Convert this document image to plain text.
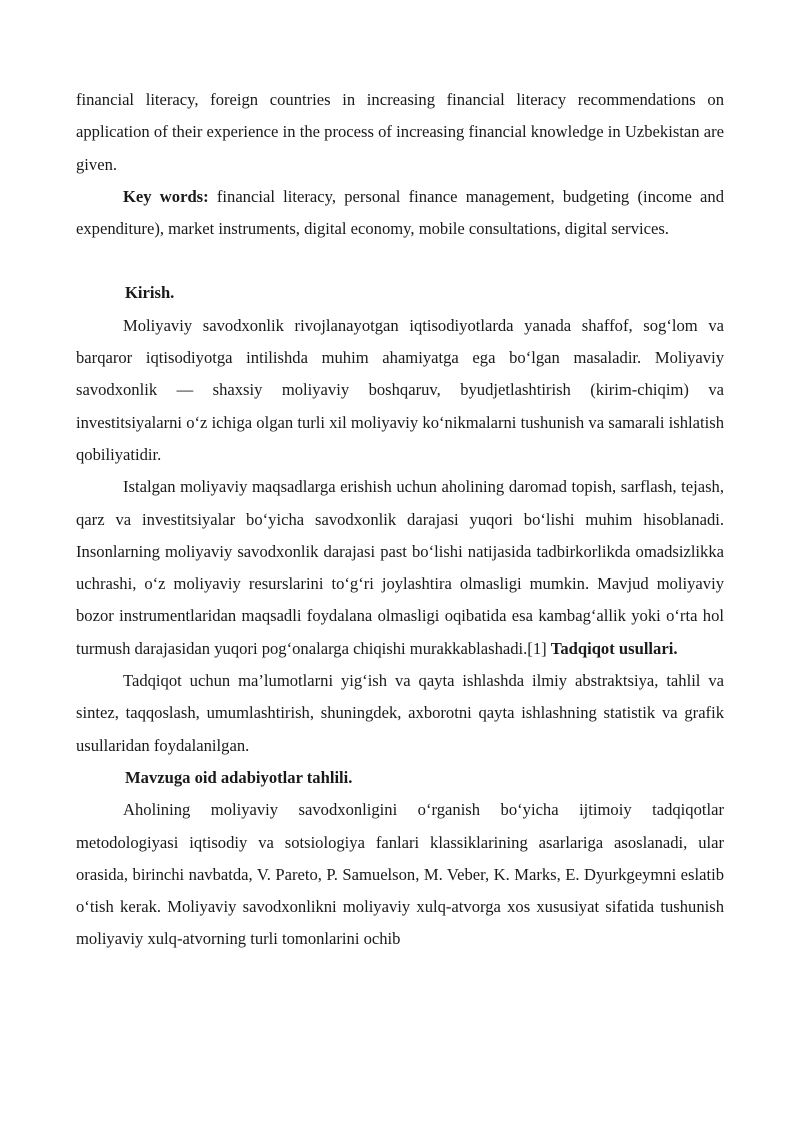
financial literacy, foreign countries in increasing financial literacy recommendations on application of their experience in the process of increasing financial knowledge in Uzbekistan are given.

Key words: financial literacy, personal finance management, budgeting (income and expenditure), market instruments, digital economy, mobile consultations, digital services.

Kirish.

Moliyaviy savodxonlik rivojlanayotgan iqtisodiyotlarda yanada shaffof, sog‘lom va barqaror iqtisodiyotga intilishda muhim ahamiyatga ega bo‘lgan masaladir. Moliyaviy savodxonlik — shaxsiy moliyaviy boshqaruv, byudjetlashtirish (kirim-chiqim) va investitsiyalarni o‘z ichiga olgan turli xil moliyaviy ko‘nikmalarni tushunish va samarali ishlatish qobiliyatidir.

Istalgan moliyaviy maqsadlarga erishish uchun aholining daromad topish, sarflash, tejash, qarz va investitsiyalar bo‘yicha savodxonlik darajasi yuqori bo‘lishi muhim hisoblanadi. Insonlarning moliyaviy savodxonlik darajasi past bo‘lishi natijasida tadbirkorlikda omadsizlikka uchrashi, o‘z moliyaviy resurslarini to‘g‘ri joylashtira olmasligi mumkin. Mavjud moliyaviy bozor instrumentlaridan maqsadli foydalana olmasligi oqibatida esa kambag‘allik yoki o‘rta hol turmush darajasidan yuqori pog‘onalarga chiqishi murakkablashadi.[1] Tadqiqot usullari.

Tadqiqot uchun ma’lumotlarni yig‘ish va qayta ishlashda ilmiy abstraktsiya, tahlil va sintez, taqqoslash, umumlashtirish, shuningdek, axborotni qayta ishlashning statistik va grafik usullaridan foydalanilgan.

Mavzuga oid adabiyotlar tahlili.

Aholining moliyaviy savodxonligini o‘rganish bo‘yicha ijtimoiy tadqiqotlar metodologiyasi iqtisodiy va sotsiologiya fanlari klassiklarining asarlariga asoslanadi, ular orasida, birinchi navbatda, V. Pareto, P. Samuelson, M. Veber, K. Marks, E. Dyurkgeymni eslatib o‘tish kerak. Moliyaviy savodxonlikni moliyaviy xulq-atvorga xos xususiyat sifatida tushunish moliyaviy xulq-atvorning turli tomonlarini ochib
